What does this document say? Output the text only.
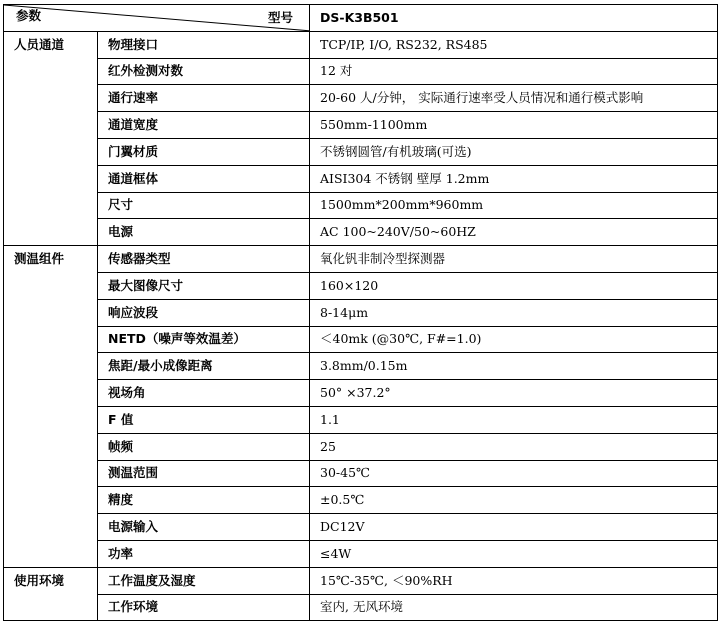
参数 型号		DS-K3B501
人员通道	物理接口	TCP/IP, I/O, RS232, RS485
	红外检测对数	12 对
	通行速率	20-60 人/分钟， 实际通行速率受人员情况和通行模式影响
	通道宽度	550mm-1100mm
	门翼材质	不锈钢圆管/有机玻璃(可选)
	通道框体	AISI304 不锈钢 壁厚 1.2mm
	尺寸	1500mm*200mm*960mm
	电源	AC 100~240V/50~60HZ
测温组件	传感器类型	氧化钒非制冷型探测器
	最大图像尺寸	160×120
	响应波段	8-14μm
	NETD（噪声等效温差）	＜40mk (@30℃, F#=1.0)
	焦距/最小成像距离	3.8mm/0.15m
	视场角	50° ×37.2°
	F 值	1.1
	帧频	25
	测温范围	30-45℃
	精度	±0.5℃
	电源输入	DC12V
	功率	≤4W
使用环境	工作温度及湿度	15℃-35℃, ＜90%RH
	工作环境	室内, 无风环境
